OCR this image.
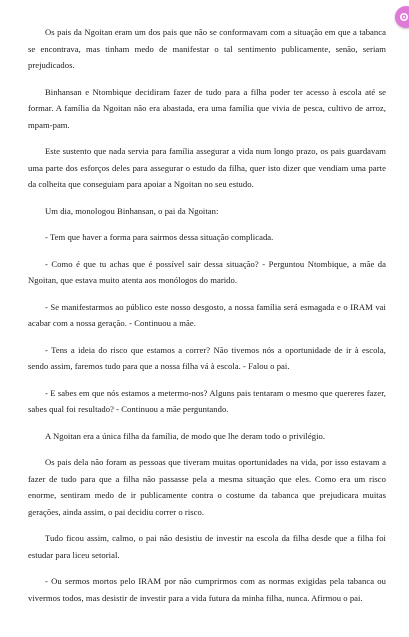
Os pais da Ngoitan eram um dos pais que não se conformavam com a situação em que a tabanca se encontrava, mas tinham medo de manifestar o tal sentimento publicamente, senão, seriam prejudicados.

Binhansan e Ntombique decidiram fazer de tudo para a filha poder ter acesso à escola até se formar. A família da Ngoitan não era abastada, era uma família que vivia de pesca, cultivo de arroz, mpam-pam.

Este sustento que nada servia para família assegurar a vida num longo prazo, os pais guardavam uma parte dos esforços deles para assegurar o estudo da filha, quer isto dizer que vendiam uma parte da colheita que conseguiam para apoiar a Ngoitan no seu estudo.

Um dia, monologou Binhansan, o pai da Ngoitan:

- Tem que haver a forma para sairmos dessa situação complicada.

- Como é que tu achas que é possível sair dessa situação? - Perguntou Ntombique, a mãe da Ngoitan, que estava muito atenta aos monólogos do marido.

- Se manifestarmos ao público este nosso desgosto, a nossa família será esmagada e o IRAM vai acabar com a nossa geração. - Continuou a mãe.

- Tens a ideia do risco que estamos a correr? Não tivemos nós a oportunidade de ir à escola, sendo assim, faremos tudo para que a nossa filha vá à escola. - Falou o pai.

- E sabes em que nós estamos a metermo-nos? Alguns pais tentaram o mesmo que quereres fazer, sabes qual foi resultado? - Continuou a mãe perguntando.

A Ngoitan era a única filha da família, de modo que lhe deram todo o privilégio.

Os pais dela não foram as pessoas que tiveram muitas oportunidades na vida, por isso estavam a fazer de tudo para que a filha não passasse pela a mesma situação que eles. Como era um risco enorme, sentiram medo de ir publicamente contra o costume da tabanca que prejudicara muitas gerações, ainda assim, o pai decidiu correr o risco.

Tudo ficou assim, calmo, o pai não desistiu de investir na escola da filha desde que a filha foi estudar para liceu setorial.

- Ou sermos mortos pelo IRAM por não cumprirmos com as normas exigidas pela tabanca ou vivermos todos, mas desistir de investir para a vida futura da minha filha, nunca. Afirmou o pai.
